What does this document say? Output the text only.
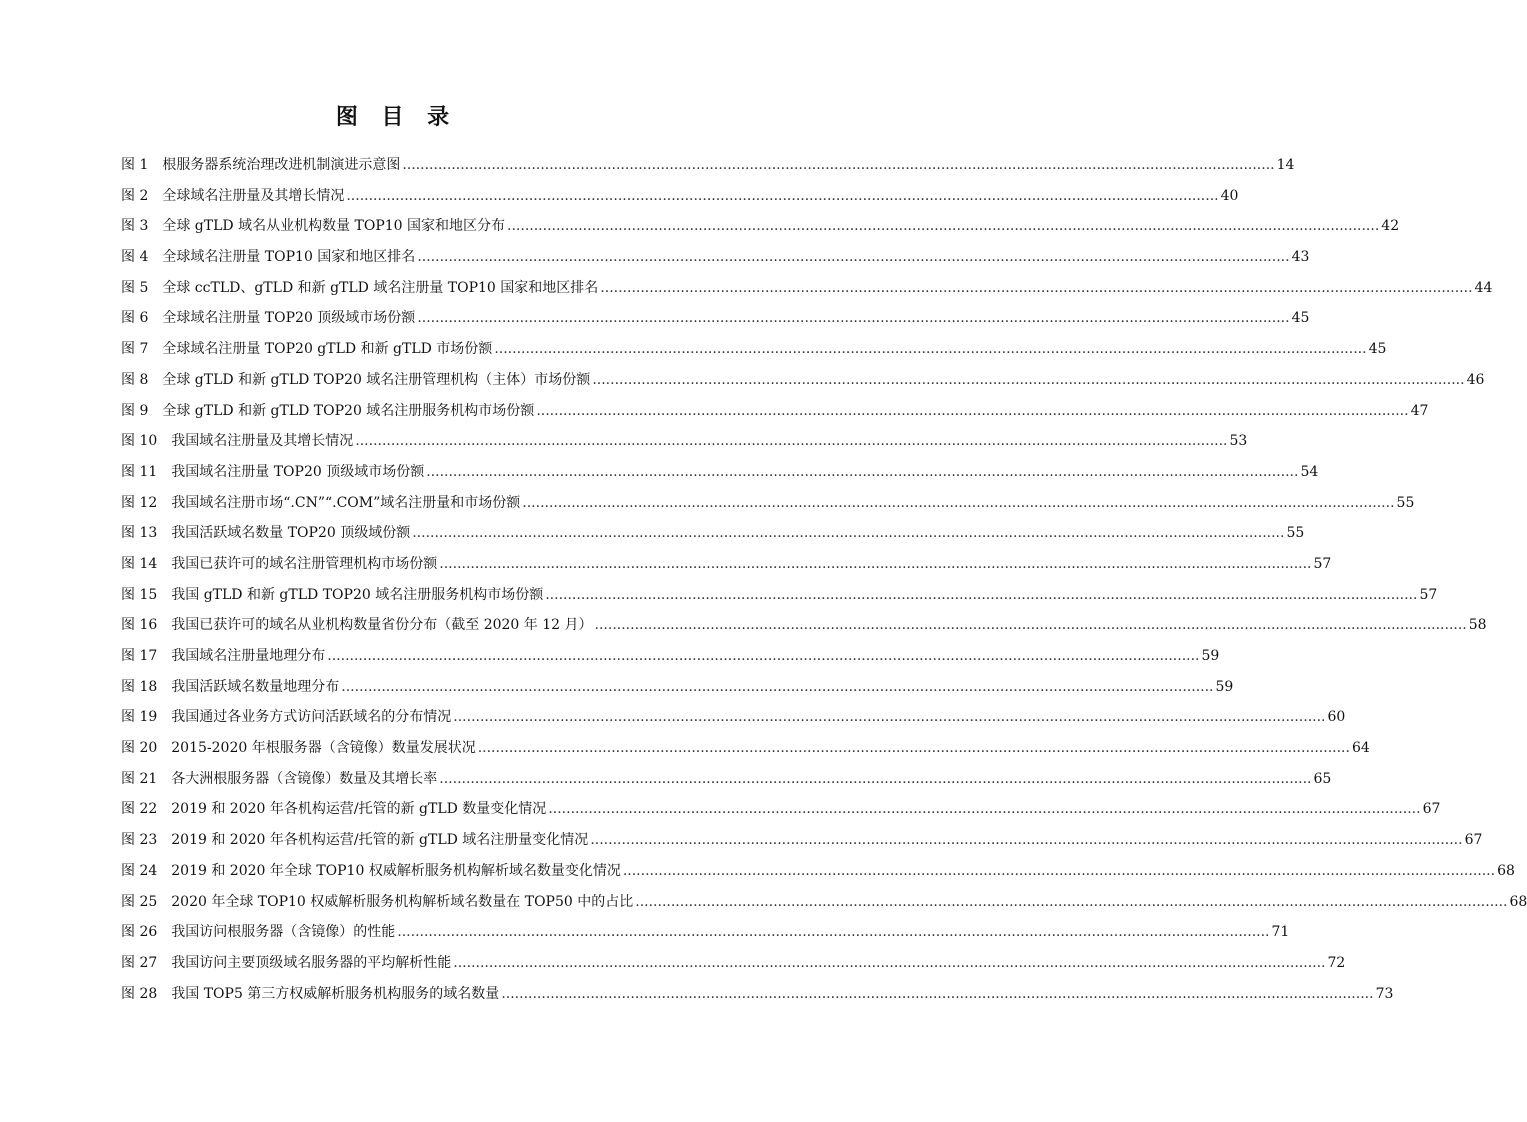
图 目 录
图 1 根服务器系统治理改进机制演进示意图 .....	14
图 2 全球域名注册量及其增长情况 .....	40
图 3 全球 gTLD 域名从业机构数量 TOP10 国家和地区分布 .....	42
图 4 全球域名注册量 TOP10 国家和地区排名 .....	43
图 5 全球 ccTLD、gTLD 和新 gTLD 域名注册量 TOP10 国家和地区排名 .....	44
图 6 全球域名注册量 TOP20 顶级域市场份额 .....	45
图 7 全球域名注册量 TOP20 gTLD 和新 gTLD 市场份额 .....	45
图 8 全球 gTLD 和新 gTLD TOP20 域名注册管理机构（主体）市场份额 .....	46
图 9 全球 gTLD 和新 gTLD TOP20 域名注册服务机构市场份额 .....	47
图 10 我国域名注册量及其增长情况 .....	53
图 11 我国域名注册量 TOP20 顶级域市场份额 .....	54
图 12 我国域名注册市场“.CN”“.COM”域名注册量和市场份额 .....	55
图 13 我国活跃域名数量 TOP20 顶级域份额 .....	55
图 14 我国已获许可的域名注册管理机构市场份额 .....	57
图 15 我国 gTLD 和新 gTLD TOP20 域名注册服务机构市场份额 .....	57
图 16 我国已获许可的域名从业机构数量省份分布（截至 2020 年 12 月） .....	58
图 17 我国域名注册量地理分布 .....	59
图 18 我国活跃域名数量地理分布 .....	59
图 19 我国通过各业务方式访问活跃域名的分布情况 .....	60
图 20 2015-2020 年根服务器（含镜像）数量发展状况 .....	64
图 21 各大洲根服务器（含镜像）数量及其增长率 .....	65
图 22 2019 和 2020 年各机构运营/托管的新 gTLD 数量变化情况 .....	67
图 23 2019 和 2020 年各机构运营/托管的新 gTLD 域名注册量变化情况 .....	67
图 24 2019 和 2020 年全球 TOP10 权威解析服务机构解析域名数量变化情况 .....	68
图 25 2020 年全球 TOP10 权威解析服务机构解析域名数量在 TOP50 中的占比 .....	68
图 26 我国访问根服务器（含镜像）的性能 .....	71
图 27 我国访问主要顶级域名服务器的平均解析性能 .....	72
图 28 我国 TOP5 第三方权威解析服务机构服务的域名数量 .....	73
